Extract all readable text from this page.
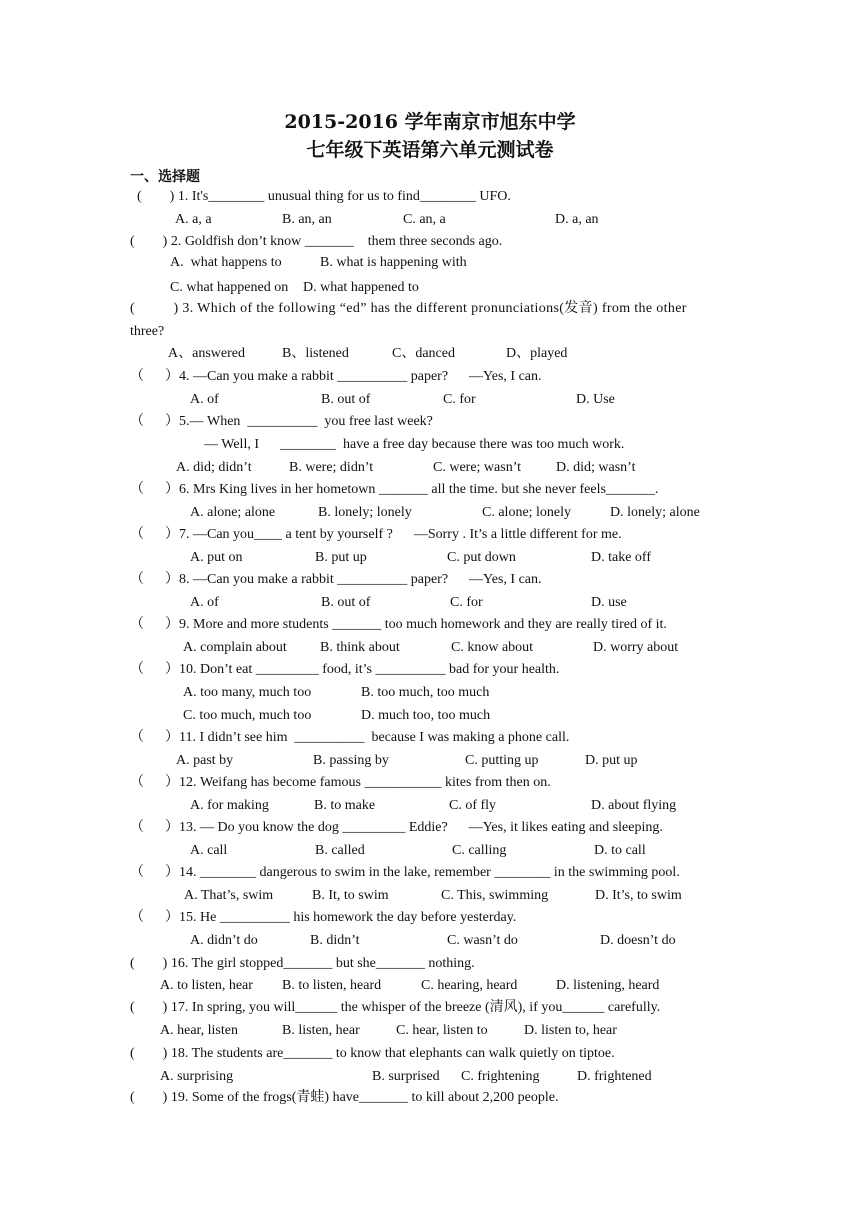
2015-2016 学年南京市旭东中学
七年级下英语第六单元测试卷
一、选择题
(        ) 1. It's________ unusual thing for us to find________ UFO.
A. a, a	B. an, an	C. an, a	D. a, an
(        ) 2. Goldfish don’t know _______    them three seconds ago.
A.  what happens to	B. what is happening with
C. what happened on D. what happened to
(          ) 3. Which of the following “ed” has the different pronunciations(发音) from the other
three?
A、answered	B、listened	C、danced	D、played
（      ）4. —Can you make a rabbit __________ paper?      —Yes, I can.
A. of	B. out of	C. for	D. Use
（      ）5.— When  __________  you free last week?
— Well, I      ________  have a free day because there was too much work.
A. did; didn’t	B. were; didn’t	C. were; wasn’t	D. did; wasn’t
（      ）6. Mrs King lives in her hometown _______ all the time. but she never feels_______.
A. alone; alone	B. lonely; lonely	C. alone; lonely	D. lonely; alone
（      ）7. —Can you____ a tent by yourself ?      —Sorry . It’s a little different for me.
A. put on	B. put up	C. put down	D. take off
（      ）8. —Can you make a rabbit __________ paper?      —Yes, I can.
A. of	B. out of	C. for	D. use
（      ）9. More and more students _______ too much homework and they are really tired of it.
A. complain about B. think about	C. know about	D. worry about
（      ）10. Don’t eat _________ food, it’s __________ bad for your health.
A. too many, much too	B. too much, too much
C. too much, much too	D. much too, too much
（      ）11. I didn’t see him  __________  because I was making a phone call.
A. past by	B. passing by	C. putting up	D. put up
（      ）12. Weifang has become famous ___________ kites from then on.
A. for making	B. to make	C. of fly	D. about flying
（      ）13. — Do you know the dog _________ Eddie?      —Yes, it likes eating and sleeping.
A. call	B. called	C. calling	D. to call
（      ）14. ________ dangerous to swim in the lake, remember ________ in the swimming pool.
A. That’s, swim	B. It, to swim	C. This, swimming	D. It’s, to swim
（      ）15. He __________ his homework the day before yesterday.
A. didn’t do	B. didn’t	C. wasn’t do	D. doesn’t do
(        ) 16. The girl stopped_______ but she_______ nothing.
A. to listen, hear B. to listen, heard	C. hearing, heard	D. listening, heard
(        ) 17. In spring, you will______ the whisper of the breeze (清风), if you______ carefully.
A. hear, listen	B. listen, hear	C. hear, listen to	D. listen to, hear
(        ) 18. The students are_______ to know that elephants can walk quietly on tiptoe.
A. surprising	B. surprised C. frightening	D. frightened
(        ) 19. Some of the frogs(青蛙) have_______ to kill about 2,200 people.
